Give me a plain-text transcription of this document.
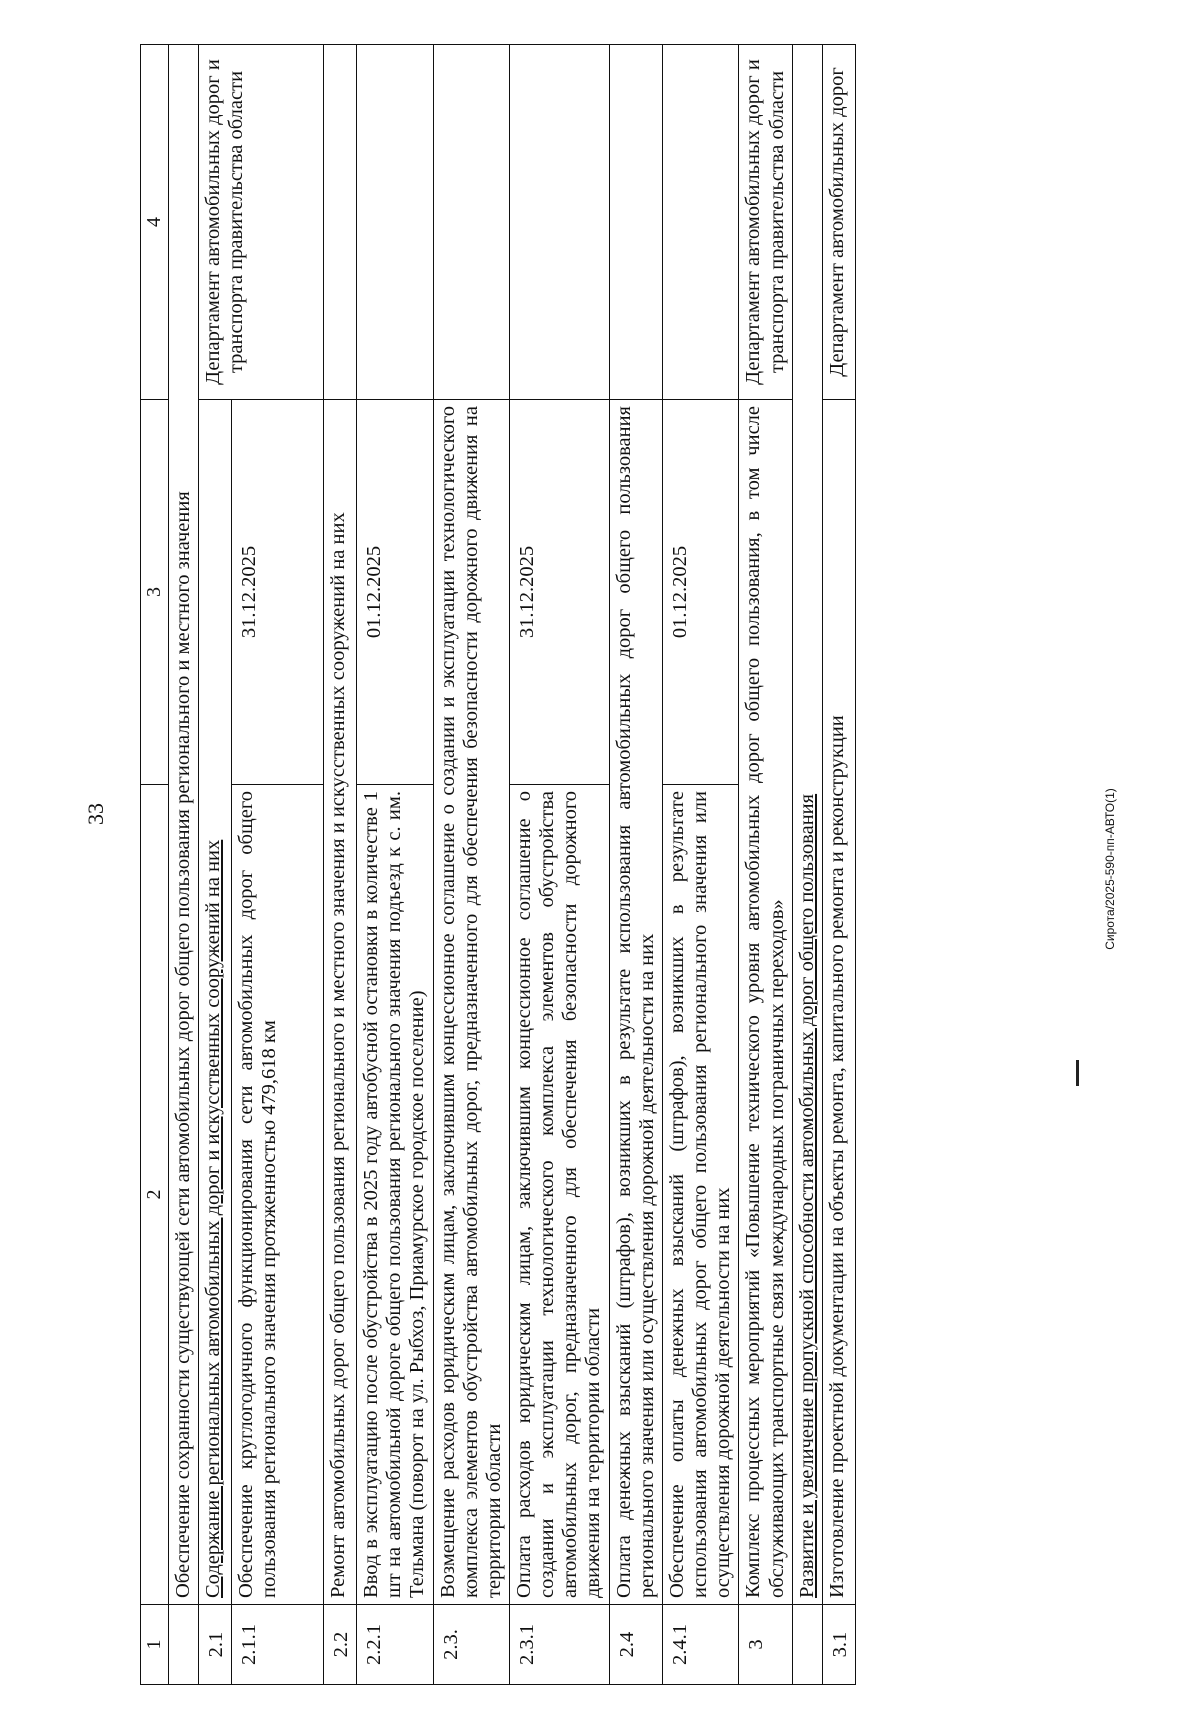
33	Сирота/2025-590-пп-АВТО(1)
1	2	3	4
	Обеспечение сохранности существующей сети автомобильных дорог общего пользования регионального и местного значения		
2.1	Содержание региональных автомобильных дорог и искусственных сооружений на них		Департамент автомобильных дорог и транспорта правительства области
2.1.1	Обеспечение круглогодичного функционирования сети автомобильных дорог общего пользования регионального значения протяженностью 479,618 км	31.12.2025	
2.2	Ремонт автомобильных дорог общего пользования регионального и местного значения и искусственных сооружений на них		
2.2.1	Ввод в эксплуатацию после обустройства в 2025 году автобусной остановки в количестве 1 шт на автомобильной дороге общего пользования регионального значения подъезд к с. им. Тельмана (поворот на ул. Рыбхоз, Приамурское городское поселение)	01.12.2025	
2.3.	Возмещение расходов юридическим лицам, заключившим концессионное соглашение о создании и эксплуатации технологического комплекса элементов обустройства автомобильных дорог, предназначенного для обеспечения безопасности дорожного движения на территории области		
2.3.1	Оплата расходов юридическим лицам, заключившим концессионное соглашение о создании и эксплуатации технологического комплекса элементов обустройства автомобильных дорог, предназначенного для обеспечения безопасности дорожного движения на территории области	31.12.2025	
2.4	Оплата денежных взысканий (штрафов), возникших в результате использования автомобильных дорог общего пользования регионального значения или осуществления дорожной деятельности на них		
2.4.1	Обеспечение оплаты денежных взысканий (штрафов), возникших в результате использования автомобильных дорог общего пользования регионального значения или осуществления дорожной деятельности на них	01.12.2025	
3	Комплекс процессных мероприятий «Повышение технического уровня автомобильных дорог общего пользования, в том числе обслуживающих транспортные связи международных пограничных переходов»		Департамент автомобильных дорог и транспорта правительства области
	Развитие и увеличение пропускной способности автомобильных дорог общего пользования		
3.1	Изготовление проектной документации на объекты ремонта, капитального ремонта и реконструкции		Департамент автомобильных дорог
